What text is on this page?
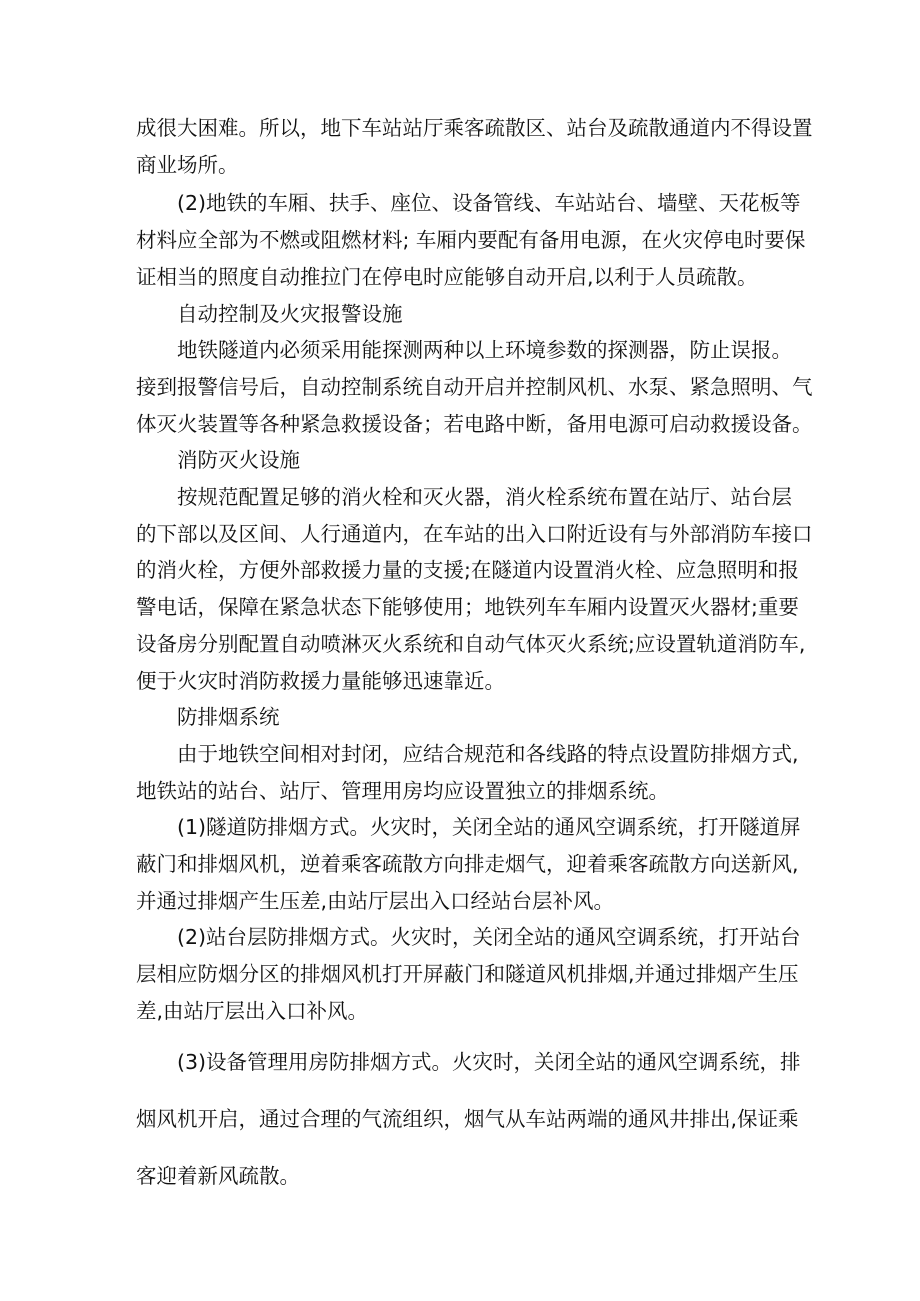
成很大困难。所以，地下车站站厅乘客疏散区、站台及疏散通道内不得设置

商业场所。

(2)地铁的车厢、扶手、座位、设备管线、车站站台、墙壁、天花板等

材料应全部为不燃或阻燃材料; 车厢内要配有备用电源，在火灾停电时要保

证相当的照度自动推拉门在停电时应能够自动开启,以利于人员疏散。

自动控制及火灾报警设施

地铁隧道内必须采用能探测两种以上环境参数的探测器，防止误报。

接到报警信号后，自动控制系统自动开启并控制风机、水泵、紧急照明、气

体灭火装置等各种紧急救援设备；若电路中断，备用电源可启动救援设备。

消防灭火设施

按规范配置足够的消火栓和灭火器，消火栓系统布置在站厅、站台层

的下部以及区间、人行通道内，在车站的出入口附近设有与外部消防车接口

的消火栓，方便外部救援力量的支援;在隧道内设置消火栓、应急照明和报

警电话，保障在紧急状态下能够使用；地铁列车车厢内设置灭火器材;重要

设备房分别配置自动喷淋灭火系统和自动气体灭火系统;应设置轨道消防车,

便于火灾时消防救援力量能够迅速靠近。

防排烟系统

由于地铁空间相对封闭，应结合规范和各线路的特点设置防排烟方式,

地铁站的站台、站厅、管理用房均应设置独立的排烟系统。

(1)隧道防排烟方式。火灾时，关闭全站的通风空调系统，打开隧道屏

蔽门和排烟风机，逆着乘客疏散方向排走烟气，迎着乘客疏散方向送新风,

并通过排烟产生压差,由站厅层出入口经站台层补风。

(2)站台层防排烟方式。火灾时，关闭全站的通风空调系统，打开站台

层相应防烟分区的排烟风机打开屏蔽门和隧道风机排烟,并通过排烟产生压

差,由站厅层出入口补风。

(3)设备管理用房防排烟方式。火灾时，关闭全站的通风空调系统，排

烟风机开启，通过合理的气流组织，烟气从车站两端的通风井排出,保证乘

客迎着新风疏散。
